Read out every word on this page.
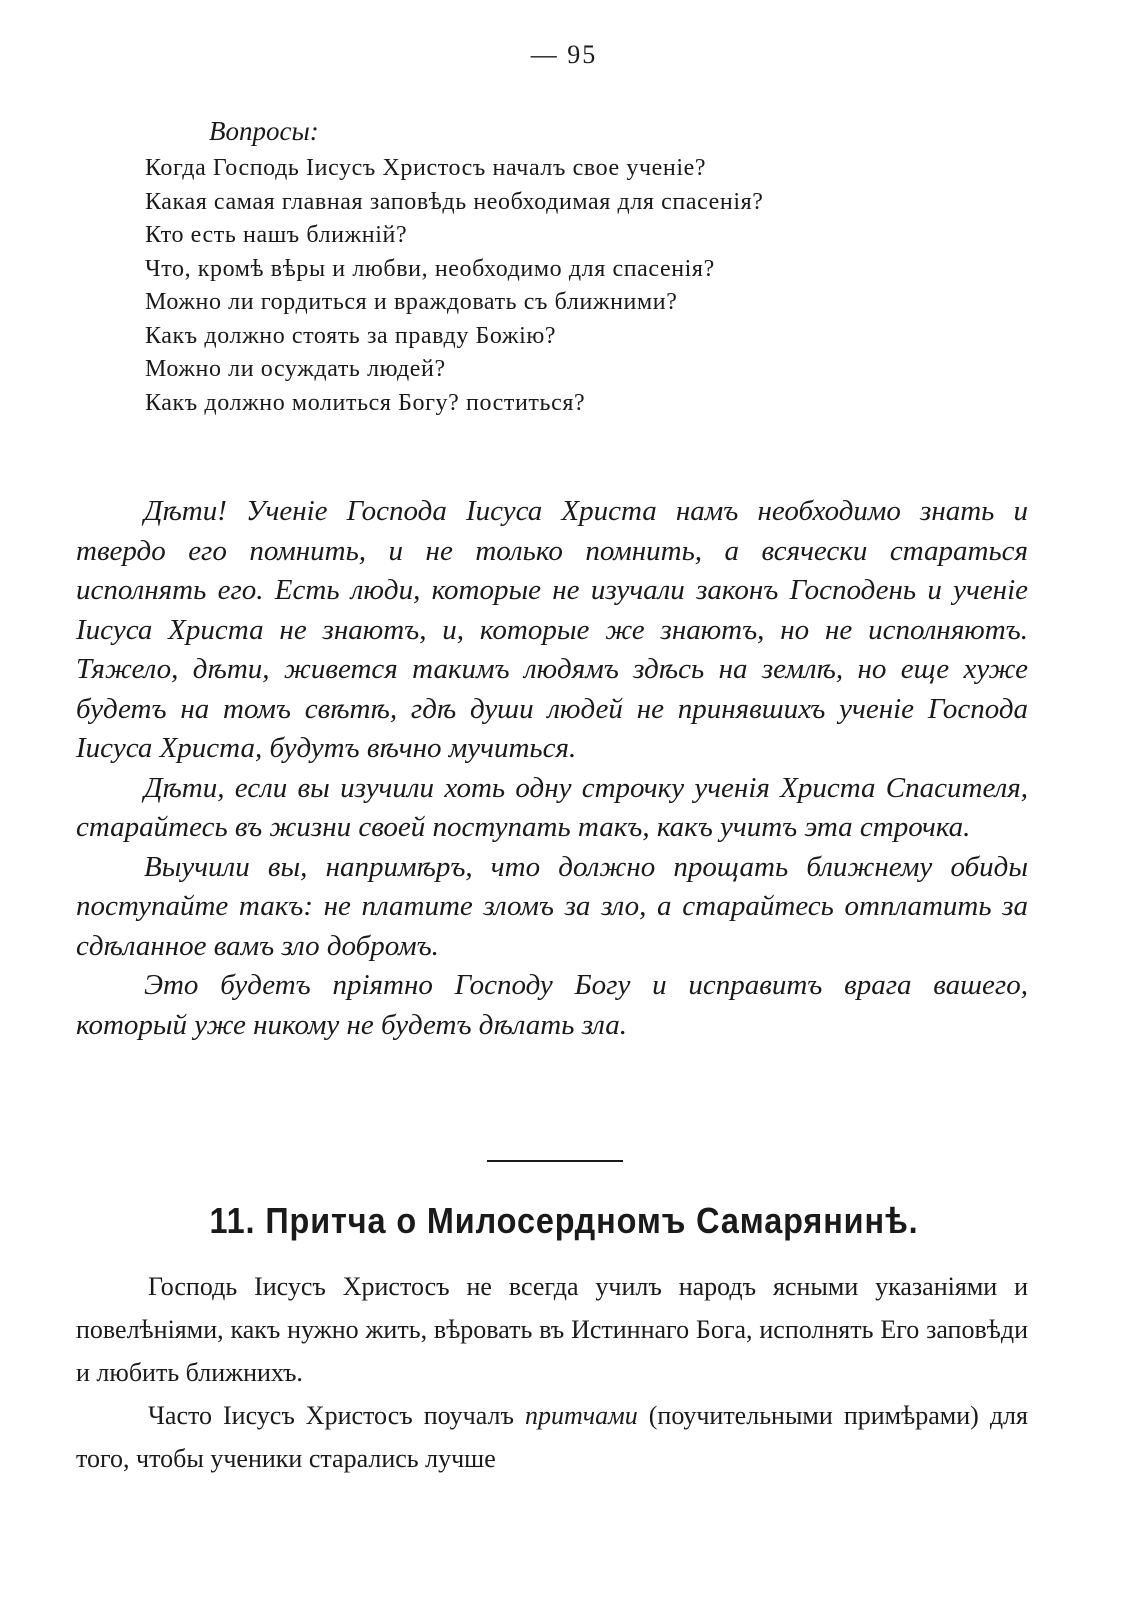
— 95
Вопросы:
Когда Господь Іисусъ Христосъ началъ свое ученіе?
Какая самая главная заповѣдь необходимая для спасенія?
Кто есть нашъ ближній?
Что, кромѣ вѣры и любви, необходимо для спасенія?
Можно ли гордиться и враждовать съ ближними?
Какъ должно стоять за правду Божію?
Можно ли осуждать людей?
Какъ должно молиться Богу? поститься?

Дѣти! Ученіе Господа Іисуса Христа намъ необходимо знать и твердо его помнить, и не только помнить, а всячески стараться исполнять его. Есть люди, которые не изучали законъ Господень и ученіе Іисуса Христа не знаютъ, и, которые же знаютъ, но не исполняютъ. Тяжело, дѣти, живется такимъ людямъ здѣсь на землѣ, но еще хуже будетъ на томъ свѣтѣ, гдѣ души людей не принявшихъ ученіе Господа Іисуса Христа, будутъ вѣчно мучиться.

Дѣти, если вы изучили хоть одну строчку ученія Христа Спасителя, старайтесь въ жизни своей поступать такъ, какъ учитъ эта строчка.

Выучили вы, напримѣръ, что должно прощать ближнему обиды поступайте такъ: не платите зломъ за зло, а старайтесь отплатить за сдѣланное вамъ зло добромъ.

Это будетъ пріятно Господу Богу и исправитъ врага вашего, который уже никому не будетъ дѣлать зла.

11. Притча о Милосердномъ Самарянинѣ.

Господь Іисусъ Христосъ не всегда училъ народъ ясными указаніями и повелѣніями, какъ нужно жить, вѣровать въ Истиннаго Бога, исполнять Его заповѣди и любить ближнихъ.

Часто Іисусъ Христосъ поучалъ притчами (поучительными примѣрами) для того, чтобы ученики старались лучше
